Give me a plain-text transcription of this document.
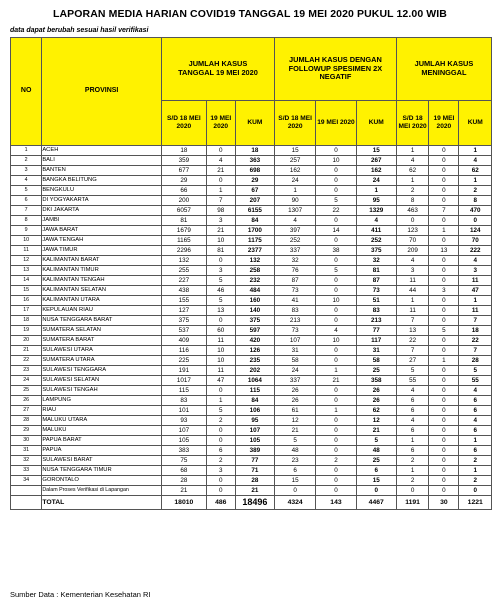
LAPORAN MEDIA HARIAN COVID19 TANGGAL 19 MEI 2020 PUKUL 12.00 WIB
data dapat berubah sesuai hasil verifikasi
NO	PROVINSI	JUMLAH KASUS TANGGAL 19 MEI 2020			JUMLAH KASUS DENGAN FOLLOWUP SPESIMEN 2X NEGATIF			JUMLAH KASUS MENINGGAL		
		S/D 18 MEI 2020	19 MEI 2020	KUM	S/D 18 MEI 2020	19 MEI 2020	KUM	S/D 18 MEI 2020	19 MEI 2020	KUM
1	ACEH	18	0	18	15	0	15	1	0	1
2	BALI	359	4	363	257	10	267	4	0	4
3	BANTEN	677	21	698	162	0	162	62	0	62
4	BANGKA BELITUNG	29	0	29	24	0	24	1	0	1
5	BENGKULU	66	1	67	1	0	1	2	0	2
6	DI YOGYAKARTA	200	7	207	90	5	95	8	0	8
7	DKI JAKARTA	6057	98	6155	1307	22	1329	463	7	470
8	JAMBI	81	3	84	4	0	4	0	0	0
9	JAWA BARAT	1679	21	1700	397	14	411	123	1	124
10	JAWA TENGAH	1165	10	1175	252	0	252	70	0	70
11	JAWA TIMUR	2296	81	2377	337	38	375	209	13	222
12	KALIMANTAN BARAT	132	0	132	32	0	32	4	0	4
13	KALIMANTAN TIMUR	255	3	258	76	5	81	3	0	3
14	KALIMANTAN TENGAH	227	5	232	87	0	87	11	0	11
15	KALIMANTAN SELATAN	438	46	484	73	0	73	44	3	47
16	KALIMANTAN UTARA	155	5	160	41	10	51	1	0	1
17	KEPULAUAN RIAU	127	13	140	83	0	83	11	0	11
18	NUSA TENGGARA BARAT	375	0	375	213	0	213	7	0	7
19	SUMATERA SELATAN	537	60	597	73	4	77	13	5	18
20	SUMATERA BARAT	409	11	420	107	10	117	22	0	22
21	SULAWESI UTARA	116	10	126	31	0	31	7	0	7
22	SUMATERA UTARA	225	10	235	58	0	58	27	1	28
23	SULAWESI TENGGARA	191	11	202	24	1	25	5	0	5
24	SULAWESI SELATAN	1017	47	1064	337	21	358	55	0	55
25	SULAWESI TENGAH	115	0	115	26	0	26	4	0	4
26	LAMPUNG	83	1	84	26	0	26	6	0	6
27	RIAU	101	5	106	61	1	62	6	0	6
28	MALUKU UTARA	93	2	95	12	0	12	4	0	4
29	MALUKU	107	0	107	21	0	21	6	0	6
30	PAPUA BARAT	105	0	105	5	0	5	1	0	1
31	PAPUA	383	6	389	48	0	48	6	0	6
32	SULAWESI BARAT	75	2	77	23	2	25	2	0	2
33	NUSA TENGGARA TIMUR	68	3	71	6	0	6	1	0	1
34	GORONTALO	28	0	28	15	0	15	2	0	2
	Dalam Proses Verifikasi di Lapangan	21	0	21	0	0	0	0	0	0
	TOTAL	18010	486	18496	4324	143	4467	1191	30	1221
Sumber Data : Kementerian Kesehatan RI
